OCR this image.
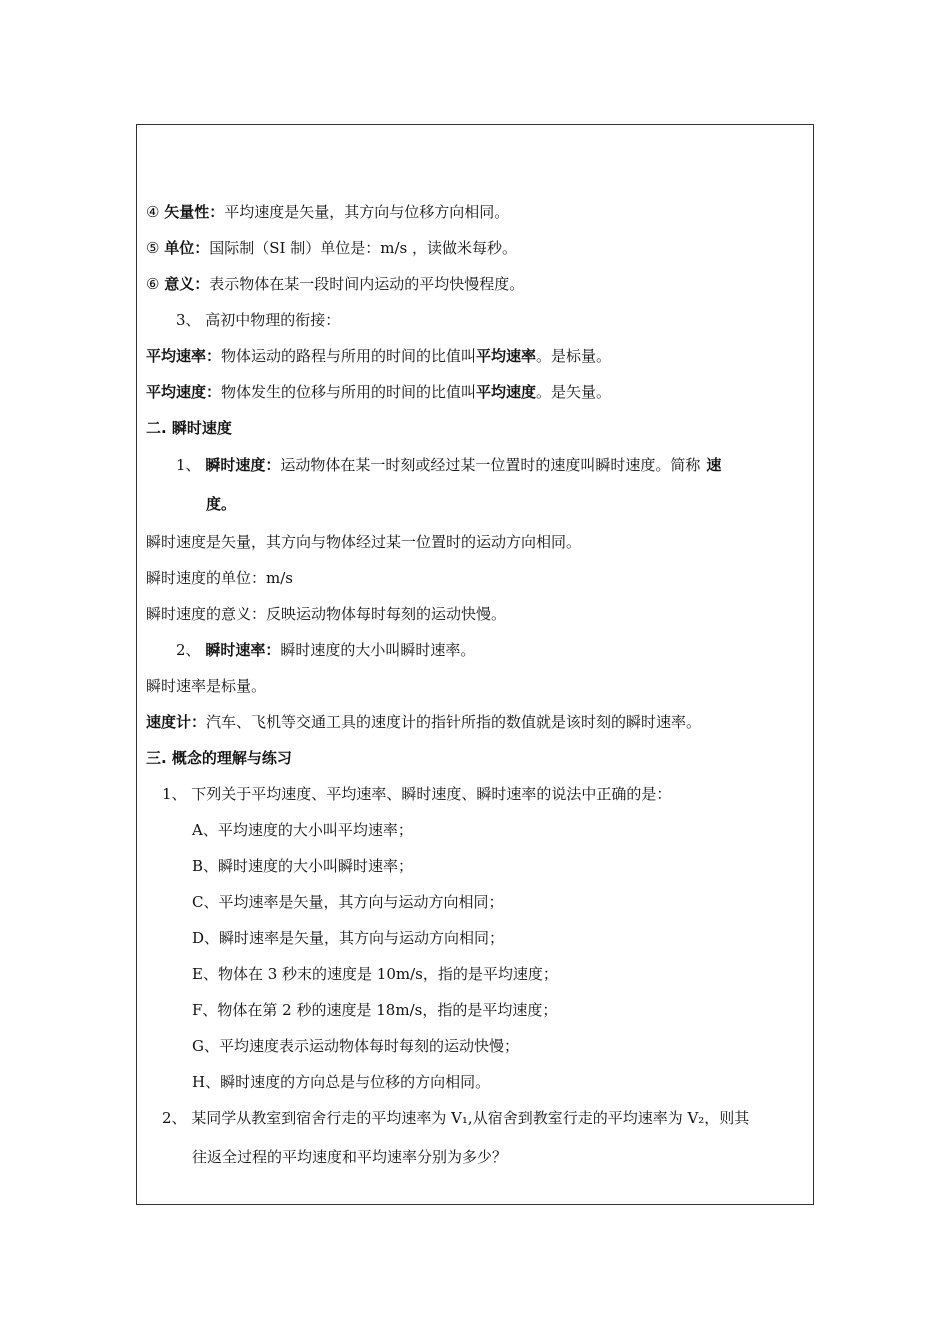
④ 矢量性：平均速度是矢量，其方向与位移方向相同。
⑤ 单位：国际制（SI 制）单位是：m/s ，读做米每秒。
⑥ 意义：表示物体在某一段时间内运动的平均快慢程度。
3、 高初中物理的衔接：
平均速率：物体运动的路程与所用的时间的比值叫平均速率。是标量。
平均速度：物体发生的位移与所用的时间的比值叫平均速度。是矢量。
二. 瞬时速度
1、 瞬时速度：运动物体在某一时刻或经过某一位置时的速度叫瞬时速度。简称 速
度。
瞬时速度是矢量，其方向与物体经过某一位置时的运动方向相同。
瞬时速度的单位：m/s
瞬时速度的意义：反映运动物体每时每刻的运动快慢。
2、 瞬时速率：瞬时速度的大小叫瞬时速率。
瞬时速率是标量。
速度计：汽车、飞机等交通工具的速度计的指针所指的数值就是该时刻的瞬时速率。
三. 概念的理解与练习
1、 下列关于平均速度、平均速率、瞬时速度、瞬时速率的说法中正确的是：
A、平均速度的大小叫平均速率；
B、瞬时速度的大小叫瞬时速率；
C、平均速率是矢量，其方向与运动方向相同；
D、瞬时速率是矢量，其方向与运动方向相同；
E、物体在 3 秒末的速度是 10m/s，指的是平均速度；
F、物体在第 2 秒的速度是 18m/s，指的是平均速度；
G、平均速度表示运动物体每时每刻的运动快慢；
H、瞬时速度的方向总是与位移的方向相同。
2、 某同学从教室到宿舍行走的平均速率为 V₁,从宿舍到教室行走的平均速率为 V₂，则其
往返全过程的平均速度和平均速率分别为多少？
